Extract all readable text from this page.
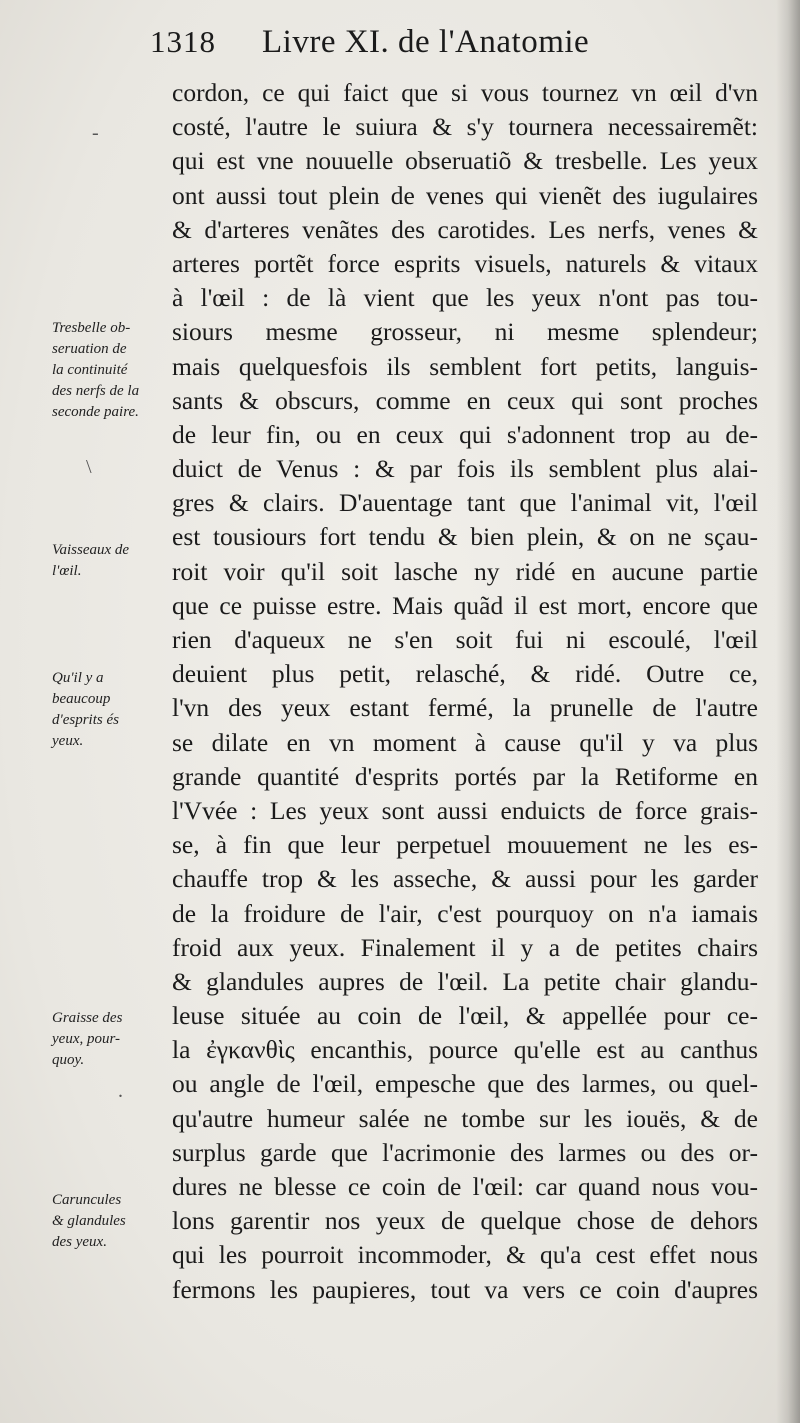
1318 Livre XI. de l'Anatomie
cordon, ce qui faict que si vous tournez vn œil d'vn
costé, l'autre le suiura & s'y tournera necessairemẽt:
qui est vne nouuelle obseruatiõ & tresbelle. Les yeux
ont aussi tout plein de venes qui vienẽt des iugulaires
& d'arteres venãtes des carotides. Les nerfs, venes &
arteres portẽt force esprits visuels, naturels & vitaux
à l'œil : de là vient que les yeux n'ont pas tou-
siours mesme grosseur, ni mesme splendeur;
mais quelquesfois ils semblent fort petits, languis-
sants & obscurs, comme en ceux qui sont proches
de leur fin, ou en ceux qui s'adonnent trop au de-
duict de Venus : & par fois ils semblent plus alai-
gres & clairs. D'auentage tant que l'animal vit, l'œil
est tousiours fort tendu & bien plein, & on ne sçau-
roit voir qu'il soit lasche ny ridé en aucune partie
que ce puisse estre. Mais quãd il est mort, encore que
rien d'aqueux ne s'en soit fui ni escoulé, l'œil
deuient plus petit, relasché, & ridé. Outre ce,
l'vn des yeux estant fermé, la prunelle de l'autre
se dilate en vn moment à cause qu'il y va plus
grande quantité d'esprits portés par la Retiforme en
l'Vvée : Les yeux sont aussi enduicts de force grais-
se, à fin que leur perpetuel mouuement ne les es-
chauffe trop & les asseche, & aussi pour les garder
de la froidure de l'air, c'est pourquoy on n'a iamais
froid aux yeux. Finalement il y a de petites chairs
& glandules aupres de l'œil. La petite chair glandu-
leuse située au coin de l'œil, & appellée pour ce-
la ἐγκανθὶς encanthis, pource qu'elle est au canthus
ou angle de l'œil, empesche que des larmes, ou quel-
qu'autre humeur salée ne tombe sur les iouës, & de
surplus garde que l'acrimonie des larmes ou des or-
dures ne blesse ce coin de l'œil: car quand nous vou-
lons garentir nos yeux de quelque chose de dehors
qui les pourroit incommoder, & qu'a cest effet nous
fermons les paupieres, tout va vers ce coin d'aupres
Tresbelle ob-
seruation de
la continuité
des nerfs de la
seconde paire.
Vaisseaux de
l'œil.
Qu'il y a
beaucoup
d'esprits és
yeux.
Graisse des
yeux, pour-
quoy.
Caruncules
& glandules
des yeux.
-
\
.
